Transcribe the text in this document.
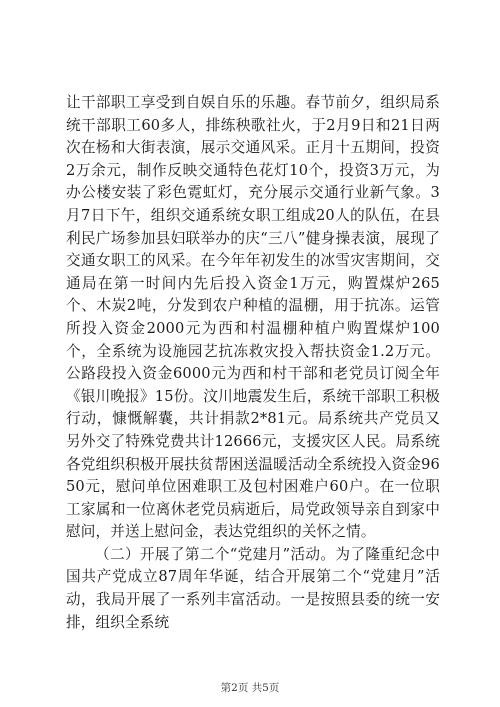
让干部职工享受到自娱自乐的乐趣。春节前夕，组织局系统干部职工60多人，排练秧歌社火，于2月9日和21日两次在杨和大街表演，展示交通风采。正月十五期间，投资2万余元，制作反映交通特色花灯10个，投资3万元，为办公楼安装了彩色霓虹灯，充分展示交通行业新气象。3月7日下午，组织交通系统女职工组成20人的队伍，在县利民广场参加县妇联举办的庆“三八”健身操表演，展现了交通女职工的风采。在今年年初发生的冰雪灾害期间，交通局在第一时间内先后投入资金1万元，购置煤炉265个、木炭2吨，分发到农户种植的温棚，用于抗冻。运管所投入资金2000元为西和村温棚种植户购置煤炉100个，全系统为设施园艺抗冻救灾投入帮扶资金1.2万元。公路段投入资金6000元为西和村干部和老党员订阅全年《银川晚报》15份。汶川地震发生后，系统干部职工积极行动，慷慨解囊，共计捐款2*81元。局系统共产党员又另外交了特殊党费共计12666元，支援灾区人民。局系统各党组织积极开展扶贫帮困送温暖活动全系统投入资金9650元，慰问单位困难职工及包村困难户60户。在一位职工家属和一位离休老党员病逝后，局党政领导亲自到家中慰问，并送上慰问金，表达党组织的关怀之情。

（二）开展了第二个“党建月”活动。为了隆重纪念中国共产党成立87周年华诞，结合开展第二个“党建月”活动，我局开展了一系列丰富活动。一是按照县委的统一安排，组织全系统

第2页 共5页
